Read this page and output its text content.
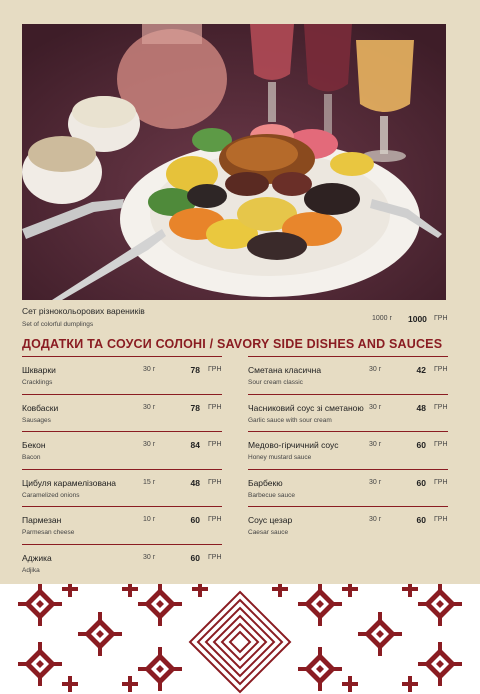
Сет різнокольорових вареників
Set of colorful dumplings
1000 г 1000 ГРН
ДОДАТКИ ТА СОУСИ СОЛОНІ / SAVORY SIDE DISHES AND SAUCES
Шкварки
Cracklings
30 г	78 ГРН
Ковбаски
Sausages
30 г	78 ГРН
Бекон
Bacon
30 г	84 ГРН
Цибуля карамелізована
Caramelized onions
15 г	48 ГРН
Пармезан
Parmesan cheese
10 г	60 ГРН
Аджика
Adjika
30 г	60 ГРН
Сметана класична
Sour cream classic
30 г	42 ГРН
Часниковий соус зі сметаною
Garlic sauce with sour cream
30 г	48 ГРН
Медово-гірчичний соус
Honey mustard sauce
30 г	60 ГРН
Барбекю
Barbecue sauce
30 г	60 ГРН
Соус цезар
Caesar sauce
30 г	60 ГРН
